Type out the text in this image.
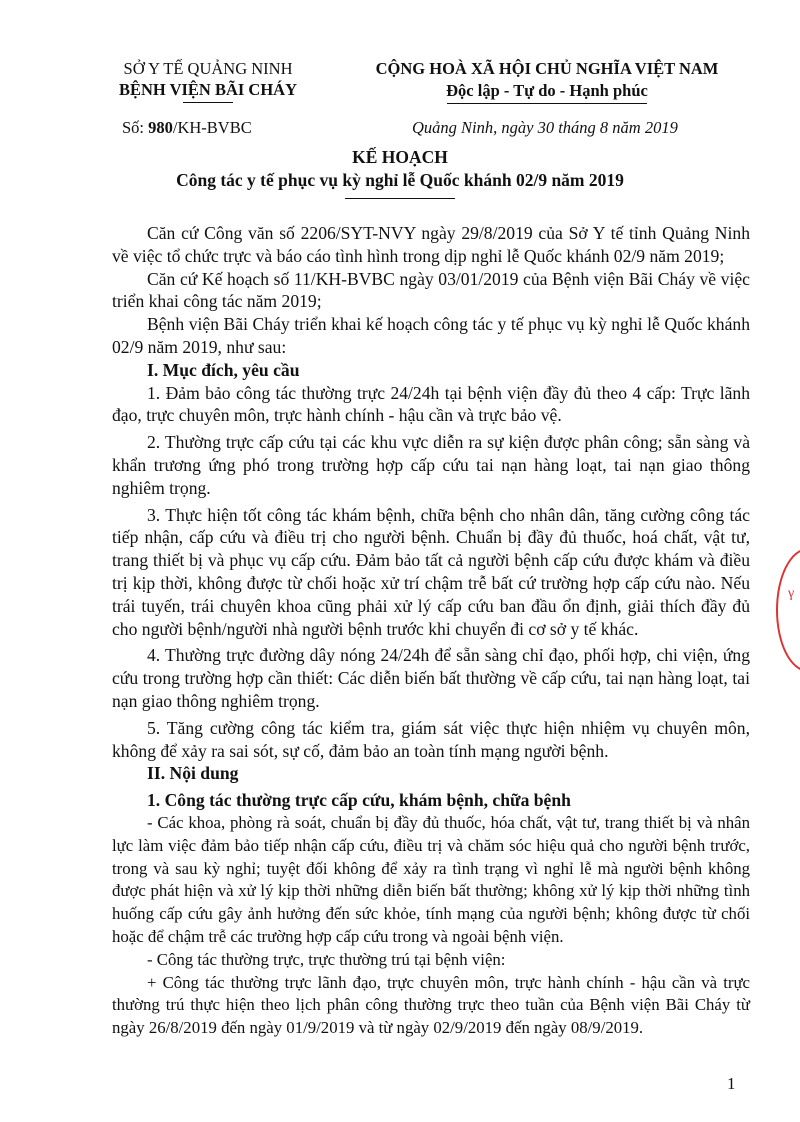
SỞ Y TẾ QUẢNG NINH
BỆNH VIỆN BÃI CHÁY
Số: 980/KH-BVBC
CỘNG HOÀ XÃ HỘI CHỦ NGHĨA VIỆT NAM
Độc lập - Tự do - Hạnh phúc
Quảng Ninh, ngày 30 tháng 8 năm 2019
KẾ HOẠCH
Công tác y tế phục vụ kỳ nghỉ lễ Quốc khánh 02/9 năm 2019

Căn cứ Công văn số 2206/SYT-NVY ngày 29/8/2019 của Sở Y tế tỉnh Quảng Ninh về việc tổ chức trực và báo cáo tình hình trong dịp nghỉ lễ Quốc khánh 02/9 năm 2019;

Căn cứ Kế hoạch số 11/KH-BVBC ngày 03/01/2019 của Bệnh viện Bãi Cháy về việc triển khai công tác năm 2019;

Bệnh viện Bãi Cháy triển khai kế hoạch công tác y tế phục vụ kỳ nghỉ lễ Quốc khánh 02/9 năm 2019, như sau:

I. Mục đích, yêu cầu

1. Đảm bảo công tác thường trực 24/24h tại bệnh viện đầy đủ theo 4 cấp: Trực lãnh đạo, trực chuyên môn, trực hành chính - hậu cần và trực bảo vệ.

2. Thường trực cấp cứu tại các khu vực diễn ra sự kiện được phân công; sẵn sàng và khẩn trương ứng phó trong trường hợp cấp cứu tai nạn hàng loạt, tai nạn giao thông nghiêm trọng.

3. Thực hiện tốt công tác khám bệnh, chữa bệnh cho nhân dân, tăng cường công tác tiếp nhận, cấp cứu và điều trị cho người bệnh. Chuẩn bị đầy đủ thuốc, hoá chất, vật tư, trang thiết bị và phục vụ cấp cứu. Đảm bảo tất cả người bệnh cấp cứu được khám và điều trị kịp thời, không được từ chối hoặc xử trí chậm trễ bất cứ trường hợp cấp cứu nào. Nếu trái tuyến, trái chuyên khoa cũng phải xử lý cấp cứu ban đầu ổn định, giải thích đầy đủ cho người bệnh/người nhà người bệnh trước khi chuyển đi cơ sở y tế khác.

4. Thường trực đường dây nóng 24/24h để sẵn sàng chỉ đạo, phối hợp, chi viện, ứng cứu trong trường hợp cần thiết: Các diễn biến bất thường về cấp cứu, tai nạn hàng loạt, tai nạn giao thông nghiêm trọng.

5. Tăng cường công tác kiểm tra, giám sát việc thực hiện nhiệm vụ chuyên môn, không để xảy ra sai sót, sự cố, đảm bảo an toàn tính mạng người bệnh.

II. Nội dung

1. Công tác thường trực cấp cứu, khám bệnh, chữa bệnh

- Các khoa, phòng rà soát, chuẩn bị đầy đủ thuốc, hóa chất, vật tư, trang thiết bị và nhân lực làm việc đảm bảo tiếp nhận cấp cứu, điều trị và chăm sóc hiệu quả cho người bệnh trước, trong và sau kỳ nghỉ; tuyệt đối không để xảy ra tình trạng vì nghỉ lễ mà người bệnh không được phát hiện và xử lý kịp thời những diễn biến bất thường; không xử lý kịp thời những tình huống cấp cứu gây ảnh hưởng đến sức khỏe, tính mạng của người bệnh; không được từ chối hoặc để chậm trễ các trường hợp cấp cứu trong và ngoài bệnh viện.

- Công tác thường trực, trực thường trú tại bệnh viện:

+ Công tác thường trực lãnh đạo, trực chuyên môn, trực hành chính - hậu cần và trực thường trú thực hiện theo lịch phân công thường trực theo tuần của Bệnh viện Bãi Cháy từ ngày 26/8/2019 đến ngày 01/9/2019 và từ ngày 02/9/2019 đến ngày 08/9/2019.

γ
1
